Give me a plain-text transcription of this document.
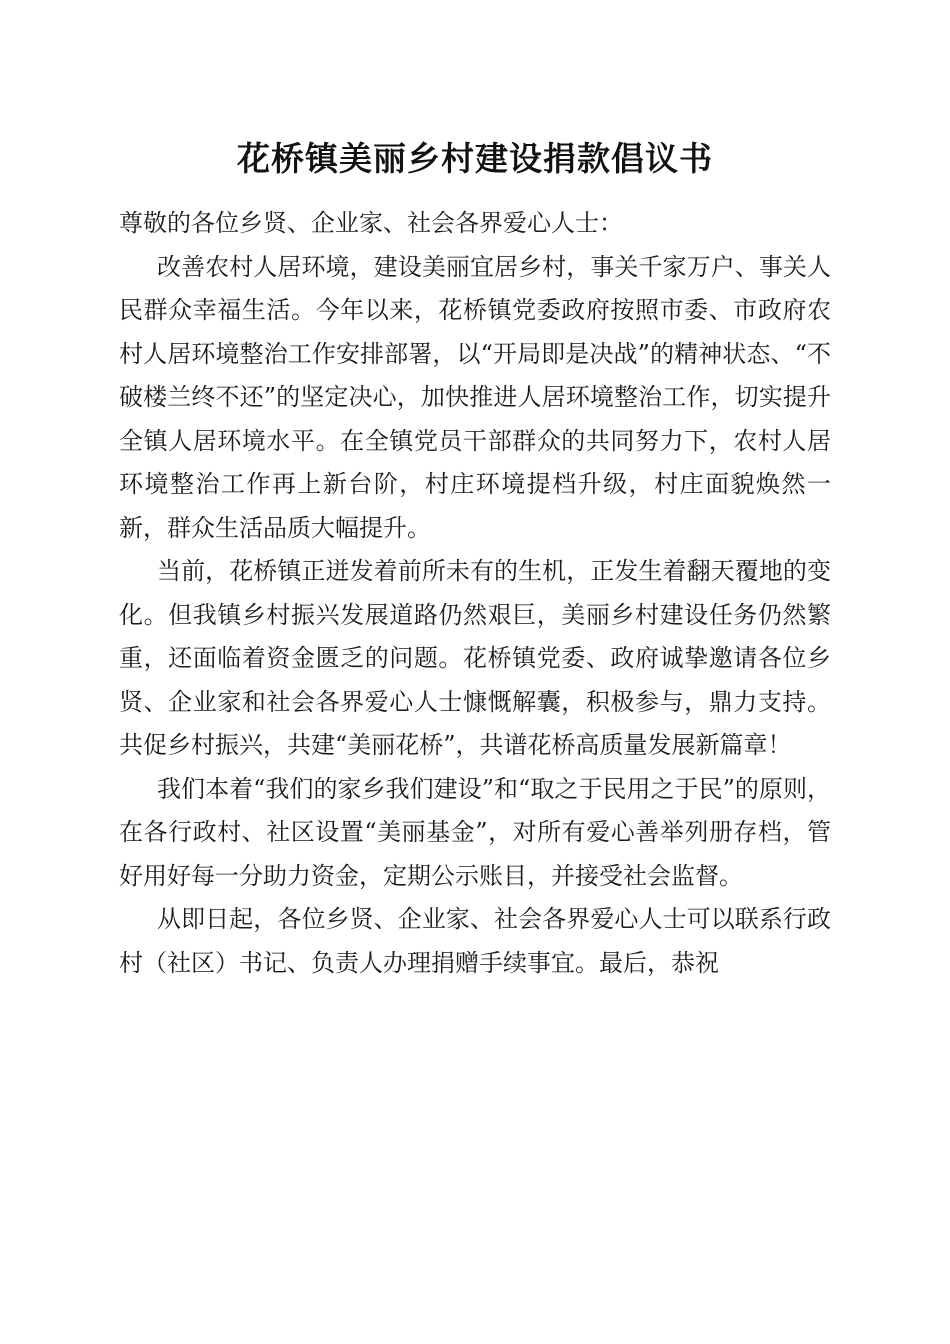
花桥镇美丽乡村建设捐款倡议书

尊敬的各位乡贤、企业家、社会各界爱心人士：

改善农村人居环境，建设美丽宜居乡村，事关千家万户、事关人民群众幸福生活。今年以来，花桥镇党委政府按照市委、市政府农村人居环境整治工作安排部署，以“开局即是决战”的精神状态、“不破楼兰终不还”的坚定决心，加快推进人居环境整治工作，切实提升全镇人居环境水平。在全镇党员干部群众的共同努力下，农村人居环境整治工作再上新台阶，村庄环境提档升级，村庄面貌焕然一新，群众生活品质大幅提升。

当前，花桥镇正迸发着前所未有的生机，正发生着翻天覆地的变化。但我镇乡村振兴发展道路仍然艰巨，美丽乡村建设任务仍然繁重，还面临着资金匮乏的问题。花桥镇党委、政府诚挚邀请各位乡贤、企业家和社会各界爱心人士慷慨解囊，积极参与，鼎力支持。共促乡村振兴，共建“美丽花桥”，共谱花桥高质量发展新篇章！

我们本着“我们的家乡我们建设”和“取之于民用之于民”的原则，在各行政村、社区设置“美丽基金”，对所有爱心善举列册存档，管好用好每一分助力资金，定期公示账目，并接受社会监督。

从即日起，各位乡贤、企业家、社会各界爱心人士可以联系行政村（社区）书记、负责人办理捐赠手续事宜。最后，恭祝
